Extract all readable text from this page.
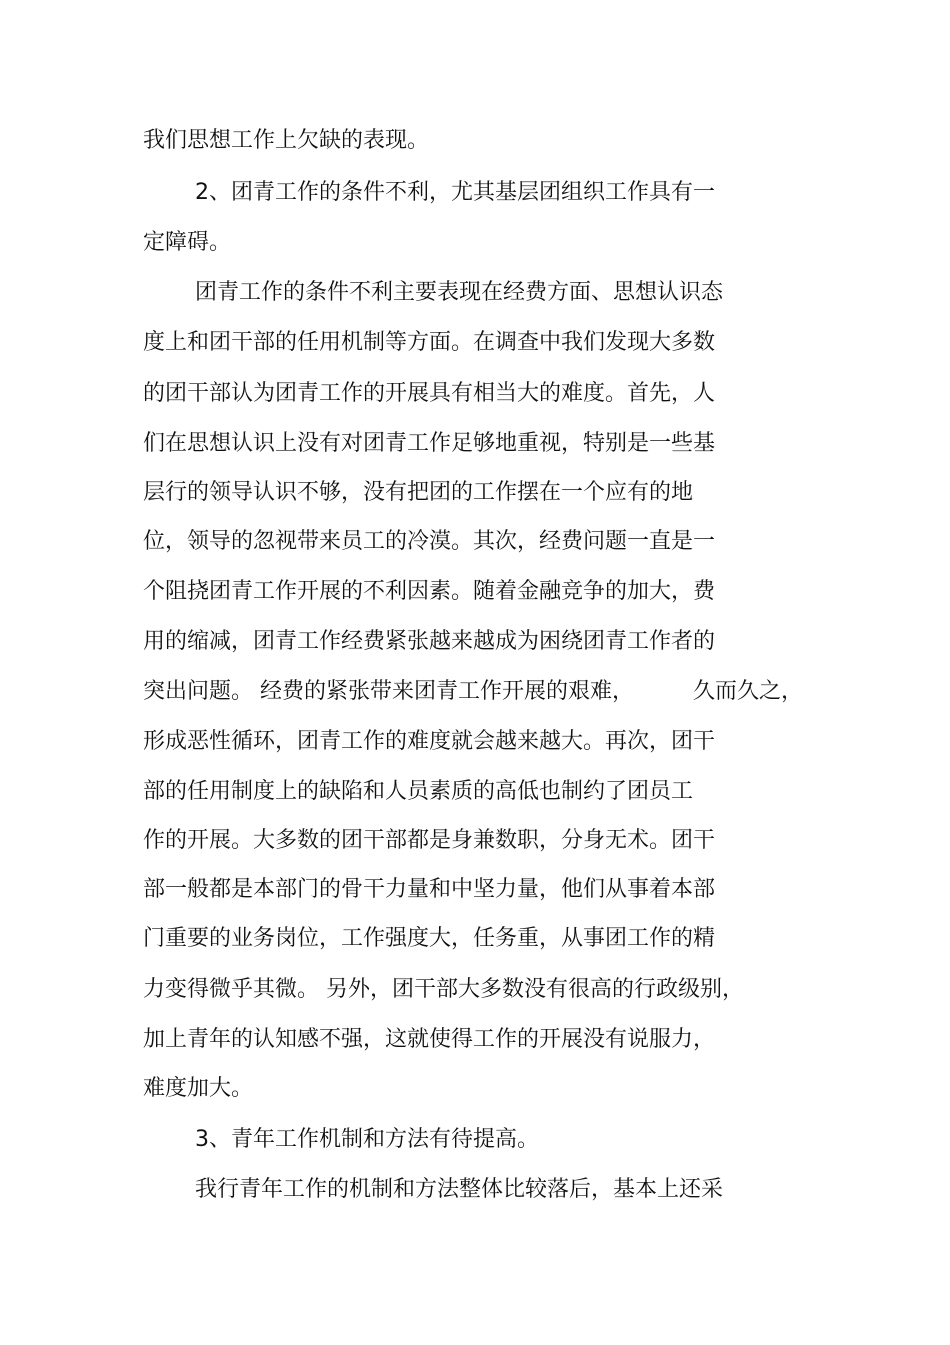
我们思想工作上欠缺的表现。
2、团青工作的条件不利，尤其基层团组织工作具有一
定障碍。
团青工作的条件不利主要表现在经费方面、思想认识态
度上和团干部的任用机制等方面。在调查中我们发现大多数
的团干部认为团青工作的开展具有相当大的难度。首先，人
们在思想认识上没有对团青工作足够地重视，特别是一些基
层行的领导认识不够，没有把团的工作摆在一个应有的地
位，领导的忽视带来员工的冷漠。其次，经费问题一直是一
个阻挠团青工作开展的不利因素。随着金融竞争的加大，费
用的缩减，团青工作经费紧张越来越成为困绕团青工作者的
突出问题。 经费的紧张带来团青工作开展的艰难，	久而久之，
形成恶性循环，团青工作的难度就会越来越大。再次，团干
部的任用制度上的缺陷和人员素质的高低也制约了团员工
作的开展。大多数的团干部都是身兼数职，分身无术。团干
部一般都是本部门的骨干力量和中坚力量，他们从事着本部
门重要的业务岗位，工作强度大，任务重，从事团工作的精
力变得微乎其微。 另外，团干部大多数没有很高的行政级别，
加上青年的认知感不强，这就使得工作的开展没有说服力，
难度加大。
3、青年工作机制和方法有待提高。
我行青年工作的机制和方法整体比较落后，基本上还采
